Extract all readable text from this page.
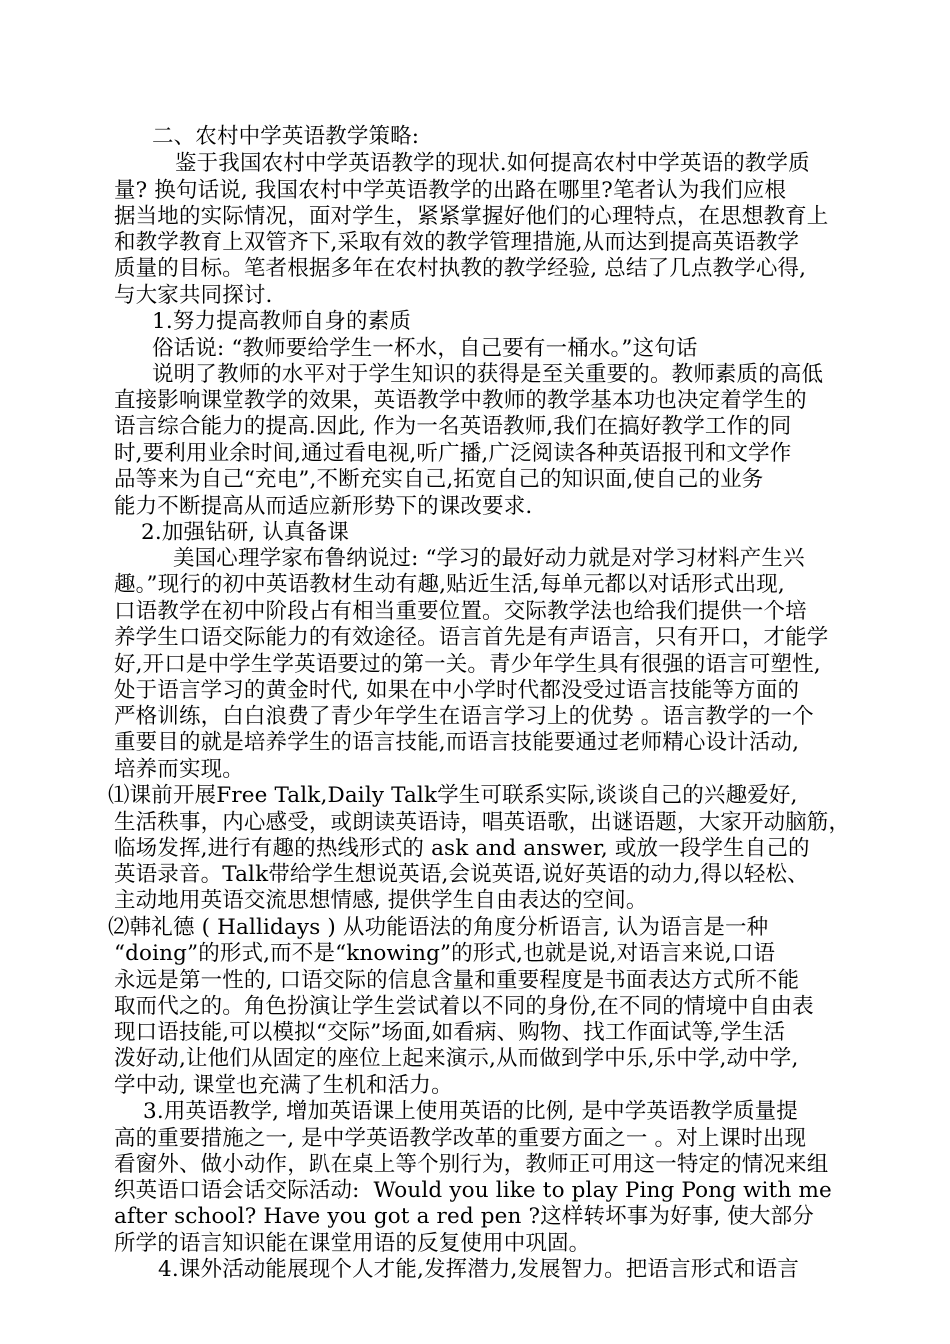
二、农村中学英语教学策略:
鉴于我国农村中学英语教学的现状.如何提高农村中学英语的教学质
量? 换句话说, 我国农村中学英语教学的出路在哪里?笔者认为我们应根
据当地的实际情况，面对学生，紧紧掌握好他们的心理特点，在思想教育上
和教学教育上双管齐下,采取有效的教学管理措施,从而达到提高英语教学
质量的目标。笔者根据多年在农村执教的教学经验, 总结了几点教学心得,
与大家共同探讨.
1.努力提高教师自身的素质
俗话说: “教师要给学生一杯水，自己要有一桶水。”这句话
说明了教师的水平对于学生知识的获得是至关重要的。教师素质的高低
直接影响课堂教学的效果，英语教学中教师的教学基本功也决定着学生的
语言综合能力的提高.因此, 作为一名英语教师,我们在搞好教学工作的同
时,要利用业余时间,通过看电视,听广播,广泛阅读各种英语报刊和文学作
品等来为自己“充电”,不断充实自己,拓宽自己的知识面,使自己的业务
能力不断提高从而适应新形势下的课改要求.
2.加强钻研, 认真备课
美国心理学家布鲁纳说过: “学习的最好动力就是对学习材料产生兴
趣。”现行的初中英语教材生动有趣,贴近生活,每单元都以对话形式出现,
口语教学在初中阶段占有相当重要位置。交际教学法也给我们提供一个培
养学生口语交际能力的有效途径。语言首先是有声语言，只有开口，才能学
好,开口是中学生学英语要过的第一关。青少年学生具有很强的语言可塑性,
处于语言学习的黄金时代, 如果在中小学时代都没受过语言技能等方面的
严格训练，白白浪费了青少年学生在语言学习上的优势 。语言教学的一个
重要目的就是培养学生的语言技能,而语言技能要通过老师精心设计活动,
培养而实现。
⑴课前开展Free Talk,Daily Talk学生可联系实际,谈谈自己的兴趣爱好,
生活秩事，内心感受，或朗读英语诗，唱英语歌，出谜语题，大家开动脑筋，
临场发挥,进行有趣的热线形式的 ask and answer, 或放一段学生自己的
英语录音。Talk带给学生想说英语,会说英语,说好英语的动力,得以轻松、
主动地用英语交流思想情感, 提供学生自由表达的空间。
⑵韩礼德 ( Hallidays ) 从功能语法的角度分析语言, 认为语言是一种
“doing”的形式,而不是“knowing”的形式,也就是说,对语言来说,口语
永远是第一性的, 口语交际的信息含量和重要程度是书面表达方式所不能
取而代之的。角色扮演让学生尝试着以不同的身份,在不同的情境中自由表
现口语技能,可以模拟“交际”场面,如看病、购物、找工作面试等,学生活
泼好动,让他们从固定的座位上起来演示,从而做到学中乐,乐中学,动中学,
学中动, 课堂也充满了生机和活力。
3.用英语教学, 增加英语课上使用英语的比例, 是中学英语教学质量提
高的重要措施之一, 是中学英语教学改革的重要方面之一 。对上课时出现
看窗外、做小动作，趴在桌上等个别行为，教师正可用这一特定的情况来组
织英语口语会话交际活动:  Would you like to play Ping Pong with me
after school? Have you got a red pen ?这样转坏事为好事, 使大部分
所学的语言知识能在课堂用语的反复使用中巩固。
4.课外活动能展现个人才能,发挥潜力,发展智力。把语言形式和语言
